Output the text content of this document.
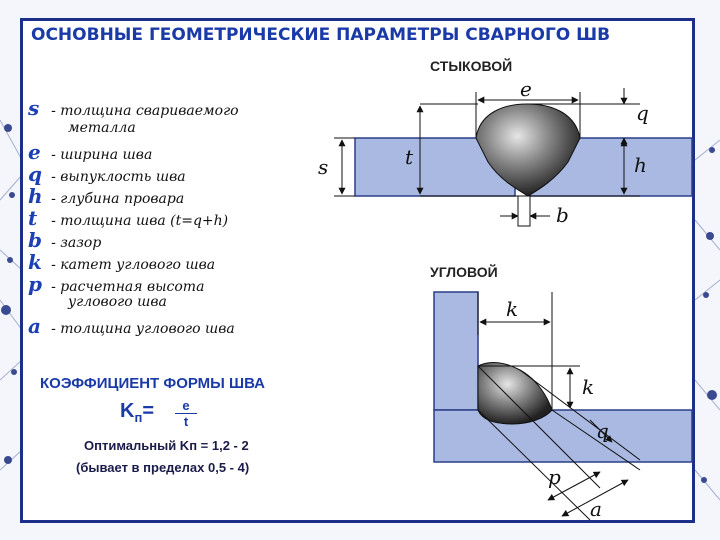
ОСНОВНЫЕ ГЕОМЕТРИЧЕСКИЕ ПАРАМЕТРЫ СВАРНОГО ШВ
s - толщина свариваемого
металла
e - ширина шва
q - выпуклость шва
h - глубина провара
t - толщина шва (t=q+h)
b - зазор
k - катет углового шва
p - расчетная высота
углового шва
a - толщина углового шва
КОЭФФИЦИЕНТ ФОРМЫ ШВА
$K_п= \frac{e}{t}$
Оптимальный Kп = 1,2 - 2
(бывает в пределах 0,5 - 4)
СТЫКОВОЙ
УГЛОВОЙ
e
q
s	t	h
b
k
k
q
p
a
